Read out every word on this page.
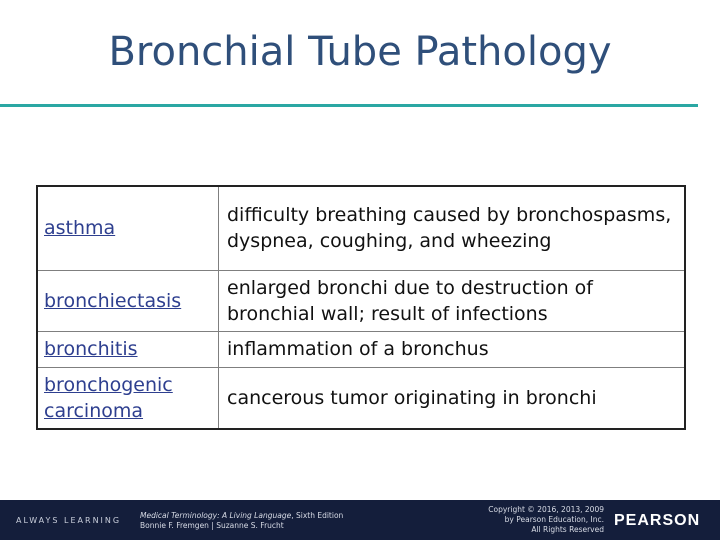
Bronchial Tube Pathology
asthma	difficulty breathing caused by bronchospasms, dyspnea, coughing, and wheezing
bronchiectasis	enlarged bronchi due to destruction of bronchial wall; result of infections
bronchitis	inflammation of a bronchus
bronchogenic carcinoma	cancerous tumor originating in bronchi
ALWAYS LEARNING
Medical Terminology: A Living Language, Sixth Edition
Bonnie F. Fremgen | Suzanne S. Frucht
Copyright © 2016, 2013, 2009
by Pearson Education, Inc.
All Rights Reserved
PEARSON
